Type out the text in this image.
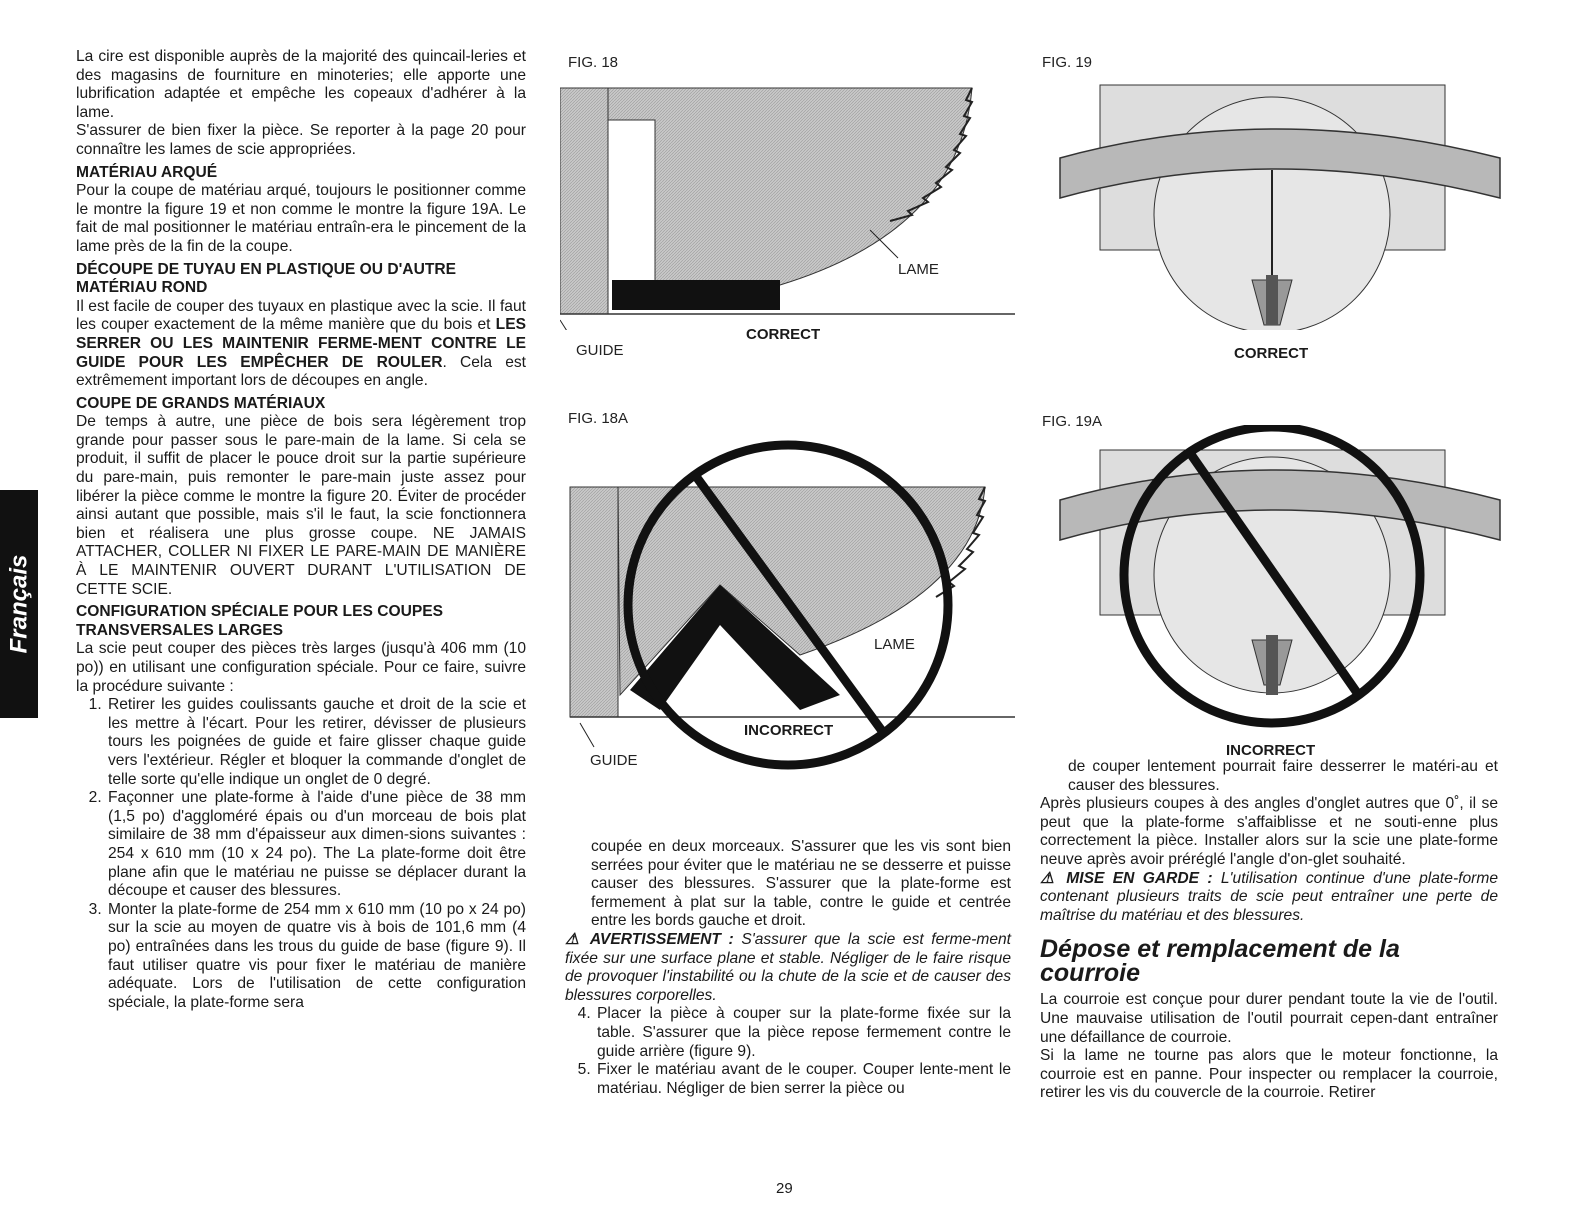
Français

La cire est disponible auprès de la majorité des quincail-leries et des magasins de fourniture en minoteries; elle apporte une lubrification adaptée et empêche les copeaux d'adhérer à la lame.

S'assurer de bien fixer la pièce. Se reporter à la page 20 pour connaître les lames de scie appropriées.

MATÉRIAU ARQUÉ

Pour la coupe de matériau arqué, toujours le positionner comme le montre la figure 19 et non comme le montre la figure 19A. Le fait de mal positionner le matériau entraîn-era le pincement de la lame près de la fin de la coupe.

DÉCOUPE DE TUYAU EN PLASTIQUE OU D'AUTRE MATÉRIAU ROND

Il est facile de couper des tuyaux en plastique avec la scie. Il faut les couper exactement de la même manière que du bois et LES SERRER OU LES MAINTENIR FERME-MENT CONTRE LE GUIDE POUR LES EMPÊCHER DE ROULER. Cela est extrêmement important lors de découpes en angle.

COUPE DE GRANDS MATÉRIAUX

De temps à autre, une pièce de bois sera légèrement trop grande pour passer sous le pare-main de la lame. Si cela se produit, il suffit de placer le pouce droit sur la partie supérieure du pare-main, puis remonter le pare-main juste assez pour libérer la pièce comme le montre la figure 20. Éviter de procéder ainsi autant que possible, mais s'il le faut, la scie fonctionnera bien et réalisera une plus grosse coupe. NE JAMAIS ATTACHER, COLLER NI FIXER LE PARE-MAIN DE MANIÈRE À LE MAINTENIR OUVERT DURANT L'UTILISATION DE CETTE SCIE.

CONFIGURATION SPÉCIALE POUR LES COUPES TRANSVERSALES LARGES

La scie peut couper des pièces très larges (jusqu'à 406 mm (10 po)) en utilisant une configuration spéciale. Pour ce faire, suivre la procédure suivante :

1. Retirer les guides coulissants gauche et droit de la scie et les mettre à l'écart. Pour les retirer, dévisser de plusieurs tours les poignées de guide et faire glisser chaque guide vers l'extérieur. Régler et bloquer la commande d'onglet de telle sorte qu'elle indique un onglet de 0 degré.
2. Façonner une plate-forme à l'aide d'une pièce de 38 mm (1,5 po) d'aggloméré épais ou d'un morceau de bois plat similaire de 38 mm d'épaisseur aux dimen-sions suivantes : 254 x 610 mm (10 x 24 po). The La plate-forme doit être plane afin que le matériau ne puisse se déplacer durant la découpe et causer des blessures.
3. Monter la plate-forme de 254 mm x 610 mm (10 po x 24 po) sur la scie au moyen de quatre vis à bois de 101,6 mm (4 po) entraînées dans les trous du guide de base (figure 9). Il faut utiliser quatre vis pour fixer le matériau de manière adéquate. Lors de l'utilisation de cette configuration spéciale, la plate-forme sera
FIG. 18
LAME
CORRECT
GUIDE
FIG. 18A
LAME
INCORRECT
GUIDE
FIG. 19
CORRECT
FIG. 19A
INCORRECT

coupée en deux morceaux. S'assurer que les vis sont bien serrées pour éviter que le matériau ne se desserre et puisse causer des blessures. S'assurer que la plate-forme est fermement à plat sur la table, contre le guide et centrée entre les bords gauche et droit.

⚠ AVERTISSEMENT : S'assurer que la scie est ferme-ment fixée sur une surface plane et stable. Négliger de le faire risque de provoquer l'instabilité ou la chute de la scie et de causer des blessures corporelles.

4. Placer la pièce à couper sur la plate-forme fixée sur la table. S'assurer que la pièce repose fermement contre le guide arrière (figure 9).
5. Fixer le matériau avant de le couper. Couper lente-ment le matériau. Négliger de bien serrer la pièce ou

de couper lentement pourrait faire desserrer le matéri-au et causer des blessures.

Après plusieurs coupes à des angles d'onglet autres que 0˚, il se peut que la plate-forme s'affaiblisse et ne souti-enne plus correctement la pièce. Installer alors sur la scie une plate-forme neuve après avoir préréglé l'angle d'on-glet souhaité.

⚠ MISE EN GARDE : L'utilisation continue d'une plate-forme contenant plusieurs traits de scie peut entraîner une perte de maîtrise du matériau et des blessures.

Dépose et remplacement de la courroie

La courroie est conçue pour durer pendant toute la vie de l'outil. Une mauvaise utilisation de l'outil pourrait cepen-dant entraîner une défaillance de courroie.

Si la lame ne tourne pas alors que le moteur fonctionne, la courroie est en panne. Pour inspecter ou remplacer la courroie, retirer les vis du couvercle de la courroie. Retirer

29
